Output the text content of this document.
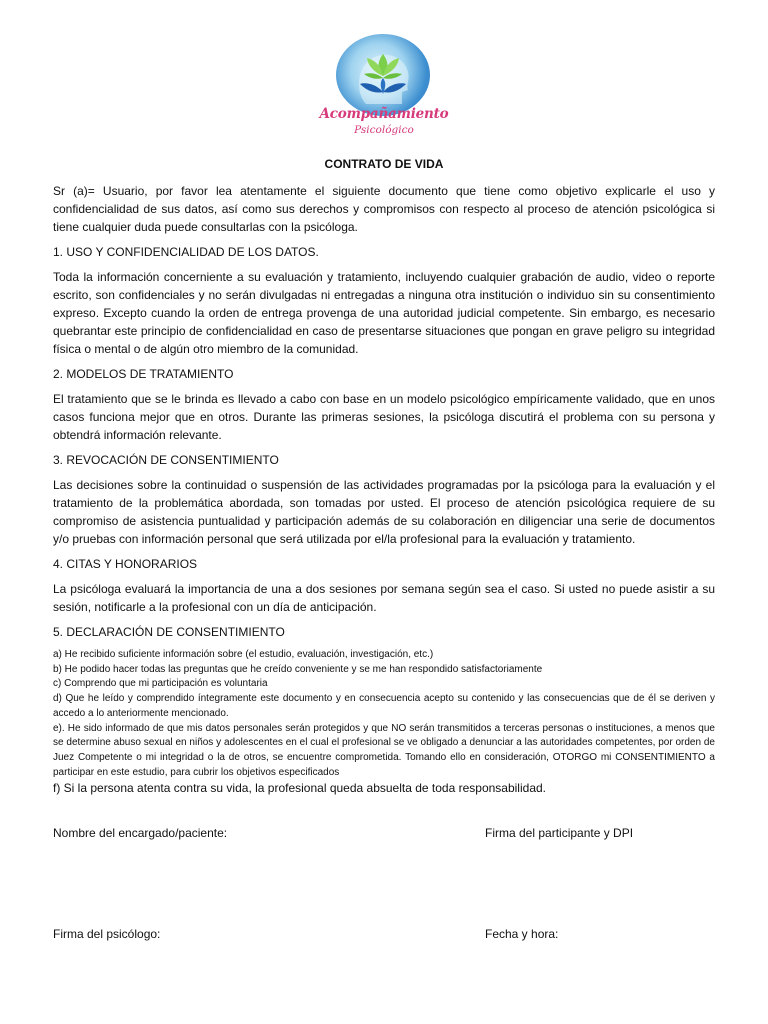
Acompañamiento
Psicológico
CONTRATO DE VIDA

Sr (a)= Usuario, por favor lea atentamente el siguiente documento que tiene como objetivo explicarle el uso y confidencialidad de sus datos, así como sus derechos y compromisos con respecto al proceso de atención psicológica si tiene cualquier duda puede consultarlas con la psicóloga.

1. USO Y CONFIDENCIALIDAD DE LOS DATOS.

Toda la información concerniente a su evaluación y tratamiento, incluyendo cualquier grabación de audio, video o reporte escrito, son confidenciales y no serán divulgadas ni entregadas a ninguna otra institución o individuo sin su consentimiento expreso. Excepto cuando la orden de entrega provenga de una autoridad judicial competente. Sin embargo, es necesario quebrantar este principio de confidencialidad en caso de presentarse situaciones que pongan en grave peligro su integridad física o mental o de algún otro miembro de la comunidad.

2. MODELOS DE TRATAMIENTO

El tratamiento que se le brinda es llevado a cabo con base en un modelo psicológico empíricamente validado, que en unos casos funciona mejor que en otros. Durante las primeras sesiones, la psicóloga discutirá el problema con su persona y obtendrá información relevante.

3. REVOCACIÓN DE CONSENTIMIENTO

Las decisiones sobre la continuidad o suspensión de las actividades programadas por la psicóloga para la evaluación y el tratamiento de la problemática abordada, son tomadas por usted. El proceso de atención psicológica requiere de su compromiso de asistencia puntualidad y participación además de su colaboración en diligenciar una serie de documentos y/o pruebas con información personal que será utilizada por el/la profesional para la evaluación y tratamiento.

4. CITAS Y HONORARIOS

La psicóloga evaluará la importancia de una a dos sesiones por semana según sea el caso. Si usted no puede asistir a su sesión, notificarle a la profesional con un día de anticipación.

5. DECLARACIÓN DE CONSENTIMIENTO
a) He recibido suficiente información sobre (el estudio, evaluación, investigación, etc.)
b) He podido hacer todas las preguntas que he creído conveniente y se me han respondido satisfactoriamente
c) Comprendo que mi participación es voluntaria
d) Que he leído y comprendido íntegramente este documento y en consecuencia acepto su contenido y las consecuencias que de él se deriven y accedo a lo anteriormente mencionado.
e). He sido informado de que mis datos personales serán protegidos y que NO serán transmitidos a terceras personas o instituciones, a menos que se determine abuso sexual en niños y adolescentes en el cual el profesional se ve obligado a denunciar a las autoridades competentes, por orden de Juez Competente o mi integridad o la de otros, se encuentre comprometida. Tomando ello en consideración, OTORGO mi CONSENTIMIENTO a participar en este estudio, para cubrir los objetivos especificados
f) Si la persona atenta contra su vida, la profesional queda absuelta de toda responsabilidad.
Nombre del encargado/paciente:	Firma del participante y DPI
Firma del psicólogo:	Fecha y hora:
